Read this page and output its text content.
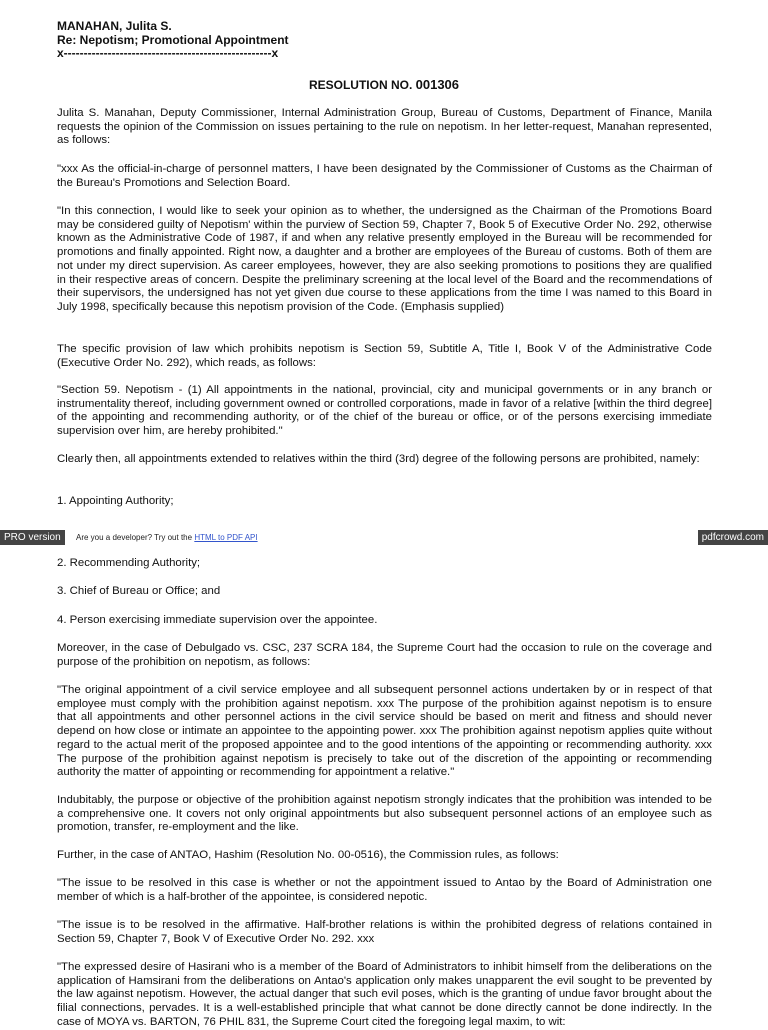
MANAHAN, Julita S.
Re: Nepotism; Promotional Appointment
x----------------------------------------------------x
RESOLUTION NO. 001306
Julita S. Manahan, Deputy Commissioner, Internal Administration Group, Bureau of Customs, Department of Finance, Manila requests the opinion of the Commission on issues pertaining to the rule on nepotism. In her letter-request, Manahan represented, as follows:
"xxx As the official-in-charge of personnel matters, I have been designated by the Commissioner of Customs as the Chairman of the Bureau's Promotions and Selection Board.
"In this connection, I would like to seek your opinion as to whether, the undersigned as the Chairman of the Promotions Board may be considered guilty of Nepotism' within the purview of Section 59, Chapter 7, Book 5 of Executive Order No. 292, otherwise known as the Administrative Code of 1987, if and when any relative presently employed in the Bureau will be recommended for promotions and finally appointed. Right now, a daughter and a brother are employees of the Bureau of customs. Both of them are not under my direct supervision. As career employees, however, they are also seeking promotions to positions they are qualified in their respective areas of concern. Despite the preliminary screening at the local level of the Board and the recommendations of their supervisors, the undersigned has not yet given due course to these applications from the time I was named to this Board in July 1998, specifically because this nepotism provision of the Code. (Emphasis supplied)
The specific provision of law which prohibits nepotism is Section 59, Subtitle A, Title I, Book V of the Administrative Code (Executive Order No. 292), which reads, as follows:
"Section 59. Nepotism - (1) All appointments in the national, provincial, city and municipal governments or in any branch or instrumentality thereof, including government owned or controlled corporations, made in favor of a relative [within the third degree] of the appointing and recommending authority, or of the chief of the bureau or office, or of the persons exercising immediate supervision over him, are hereby prohibited."
Clearly then, all appointments extended to relatives within the third (3rd) degree of the following persons are prohibited, namely:
1. Appointing Authority;
PRO version	Are you a developer? Try out the HTML to PDF API	pdfcrowd.com
2. Recommending Authority;
3. Chief of Bureau or Office; and
4. Person exercising immediate supervision over the appointee.
Moreover, in the case of Debulgado vs. CSC, 237 SCRA 184, the Supreme Court had the occasion to rule on the coverage and purpose of the prohibition on nepotism, as follows:
"The original appointment of a civil service employee and all subsequent personnel actions undertaken by or in respect of that employee must comply with the prohibition against nepotism. xxx The purpose of the prohibition against nepotism is to ensure that all appointments and other personnel actions in the civil service should be based on merit and fitness and should never depend on how close or intimate an appointee to the appointing power. xxx The prohibition against nepotism applies quite without regard to the actual merit of the proposed appointee and to the good intentions of the appointing or recommending authority. xxx The purpose of the prohibition against nepotism is precisely to take out of the discretion of the appointing or recommending authority the matter of appointing or recommending for appointment a relative."
Indubitably, the purpose or objective of the prohibition against nepotism strongly indicates that the prohibition was intended to be a comprehensive one. It covers not only original appointments but also subsequent personnel actions of an employee such as promotion, transfer, re-employment and the like.
Further, in the case of ANTAO, Hashim (Resolution No. 00-0516), the Commission rules, as follows:
"The issue to be resolved in this case is whether or not the appointment issued to Antao by the Board of Administration one member of which is a half-brother of the appointee, is considered nepotic.
"The issue is to be resolved in the affirmative. Half-brother relations is within the prohibited degress of relations contained in Section 59, Chapter 7, Book V of Executive Order No. 292. xxx
"The expressed desire of Hasirani who is a member of the Board of Administrators to inhibit himself from the deliberations on the application of Hamsirani from the deliberations on Antao's application only makes unapparent the evil sought to be prevented by the law against nepotism. However, the actual danger that such evil poses, which is the granting of undue favor brought about the filial connections, pervades. It is a well-established principle that what cannot be done directly cannot be done indirectly. In the case of MOYA vs. BARTON, 76 PHIL 831, the Supreme Court cited the foregoing legal maxim, to wit:
